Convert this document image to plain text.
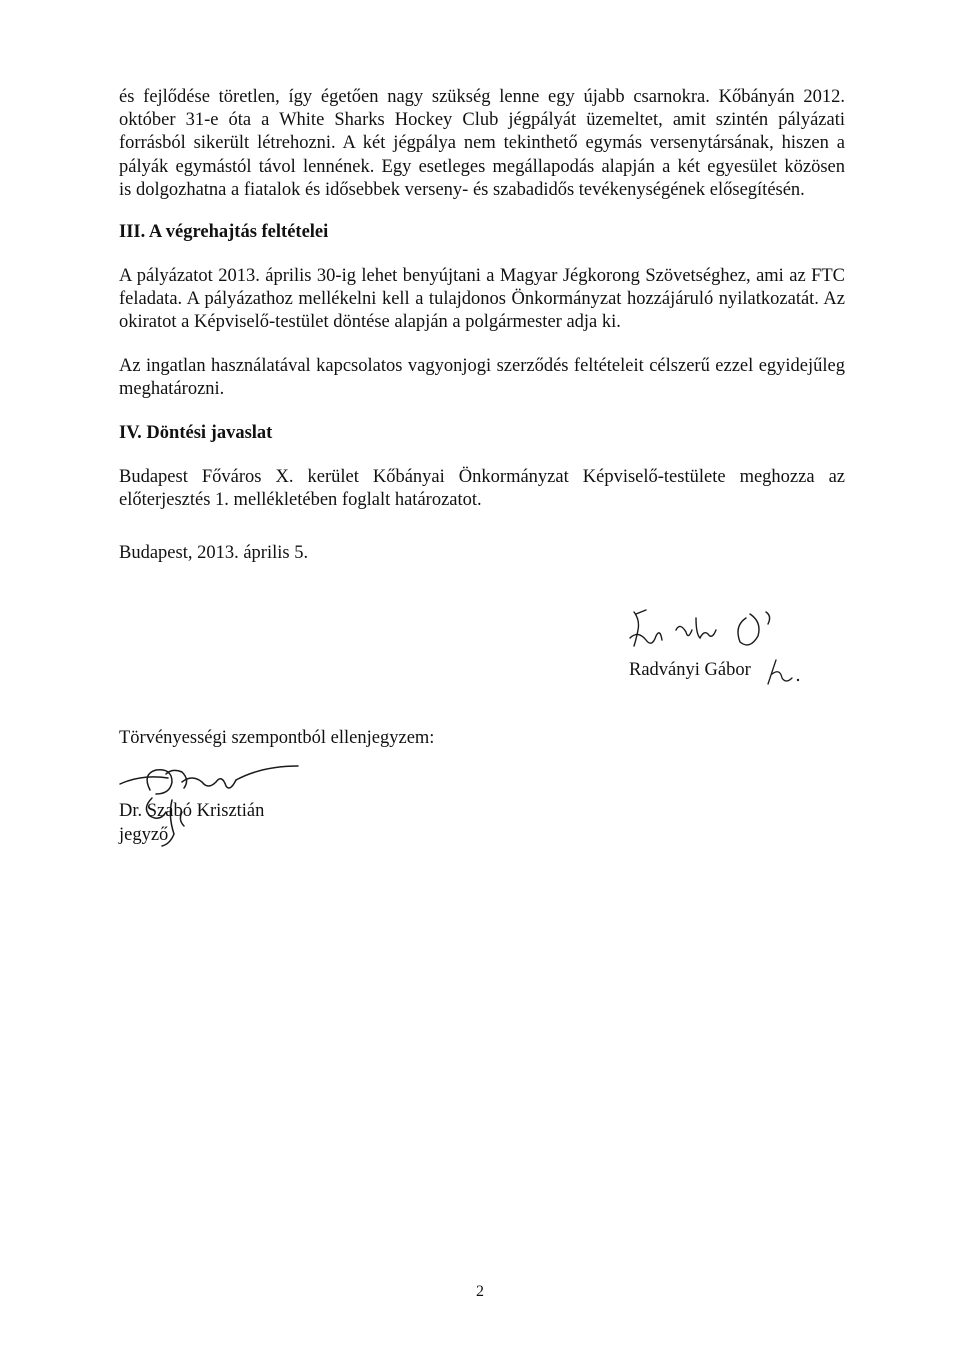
és fejlődése töretlen, így égetően nagy szükség lenne egy újabb csarnokra. Kőbányán 2012.
október 31-e óta a White Sharks Hockey Club jégpályát üzemeltet, amit szintén pályázati
forrásból sikerült létrehozni. A két jégpálya nem tekinthető egymás versenytársának, hiszen a
pályák egymástól távol lennének. Egy esetleges megállapodás alapján a két egyesület közösen
is dolgozhatna a fiatalok és idősebbek verseny- és szabadidős tevékenységének elősegítésén.
III. A végrehajtás feltételei

A pályázatot 2013. április 30-ig lehet benyújtani a Magyar Jégkorong Szövetséghez, ami az FTC feladata. A pályázathoz mellékelni kell a tulajdonos Önkormányzat hozzájáruló nyilatkozatát. Az okiratot a Képviselő-testület döntése alapján a polgármester adja ki.

Az ingatlan használatával kapcsolatos vagyonjogi szerződés feltételeit célszerű ezzel egyidejűleg meghatározni.

IV. Döntési javaslat

Budapest Főváros X. kerület Kőbányai Önkormányzat Képviselő-testülete meghozza az előterjesztés 1. mellékletében foglalt határozatot.

Budapest, 2013. április 5.
Radványi Gábor
Törvényességi szempontból ellenjegyzem:
Dr. Szabó Krisztián
jegyző
2
